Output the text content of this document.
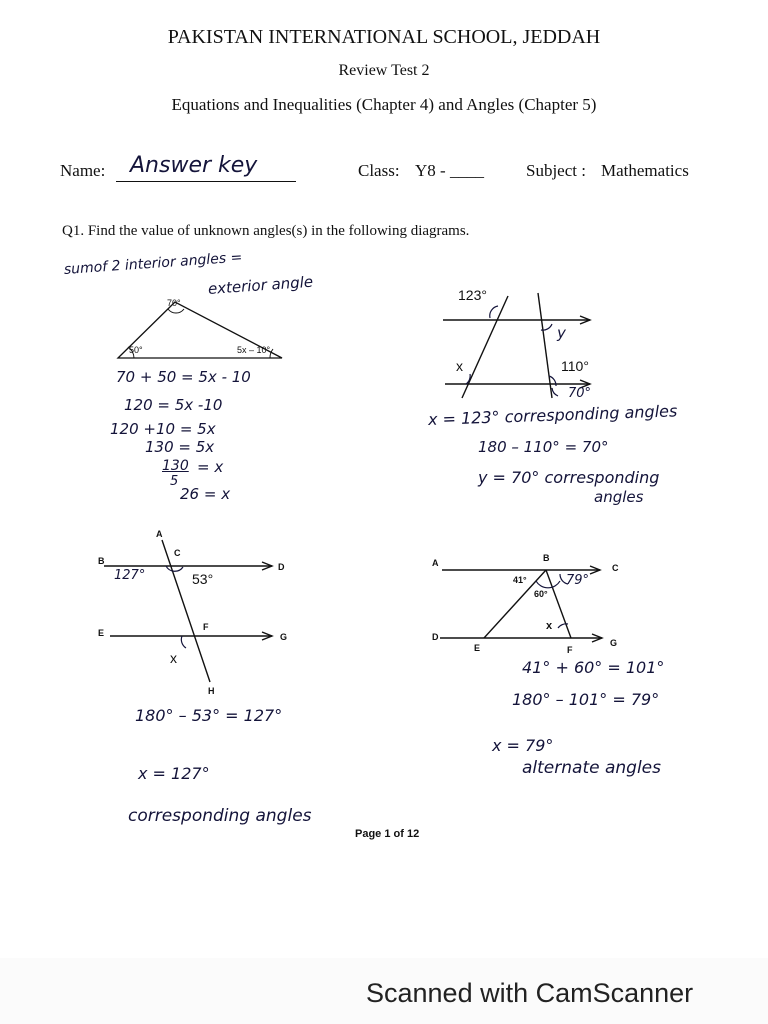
PAKISTAN INTERNATIONAL SCHOOL, JEDDAH
Review Test 2
Equations and Inequalities (Chapter 4) and Angles (Chapter 5)
Name: Answer key	Class: Y8 - ____ Subject : Mathematics
Q1. Find the value of unknown angles(s) in the following diagrams.
sumof 2 interior angles =
exterior angle
70°
50°	5x – 10°
70 + 50 = 5x - 10
120 = 5x -10
120 +10 = 5x
130 = 5x
130 = x
5
26 = x
123°
y
x	110°
70°
x = 123° corresponding angles
180 – 110° = 70°
y = 70° corresponding
angles
A
B
C
D
E
F
G
H
127°	53°
x
180° – 53° = 127°
x = 127°
corresponding angles
A	B
C
D
E	F
G
41°	79°
60°
x
41° + 60° = 101°
180° – 101° = 79°
x = 79°
alternate angles
Page 1 of 12
Scanned with CamScanner
